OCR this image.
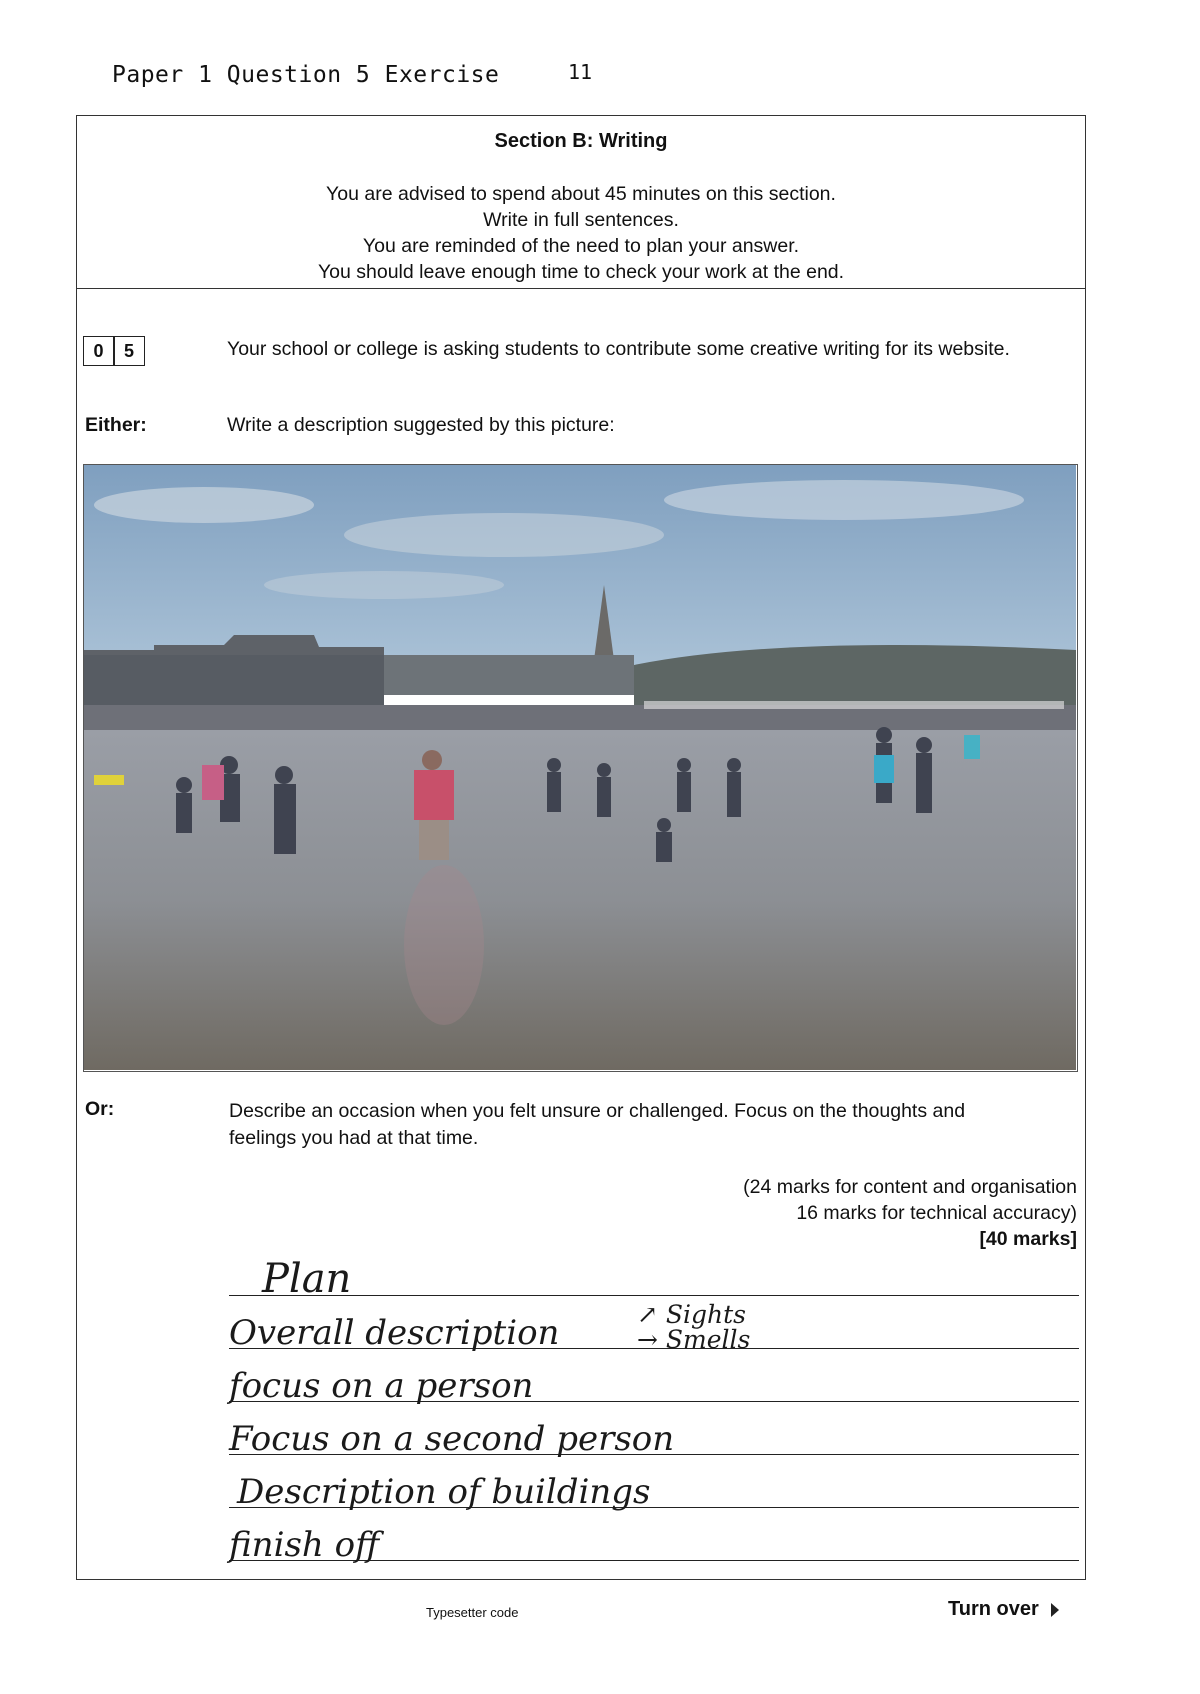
Paper 1 Question 5 Exercise	11
Section B: Writing
You are advised to spend about 45 minutes on this section.
Write in full sentences.
You are reminded of the need to plan your answer.
You should leave enough time to check your work at the end.
0	5	Your school or college is asking students to contribute some creative writing for its website.
Either:	Write a description suggested by this picture:
Or:	Describe an occasion when you felt unsure or challenged. Focus on the thoughts and feelings you had at that time.
(24 marks for content and organisation
16 marks for technical accuracy)
[40 marks]
Plan
Overall description	↗ Sights
→ Smells
focus on a person
Focus on a second person
Description of buildings
finish off
Typesetter code	Turn over
